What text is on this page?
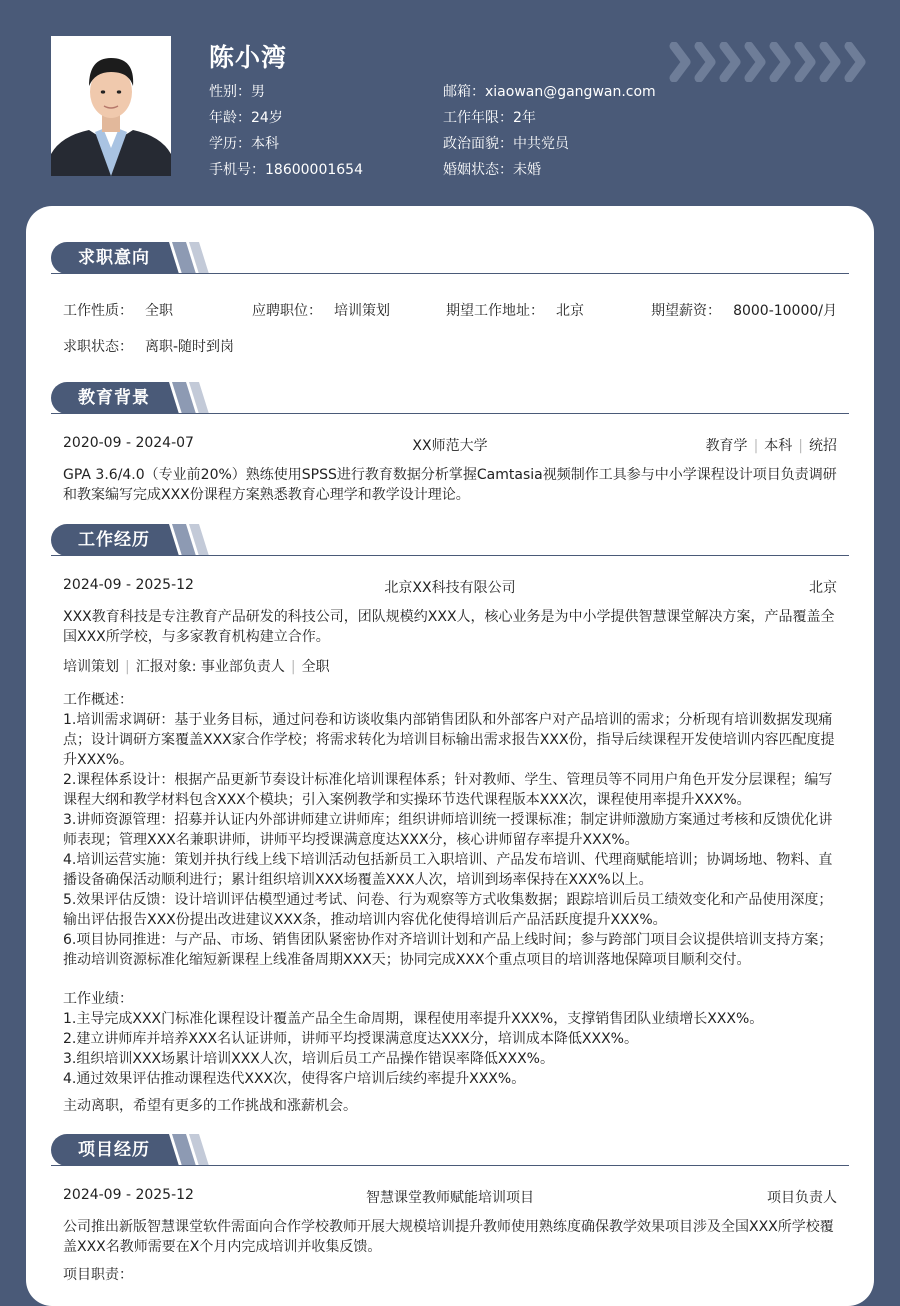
陈小湾
性别：男
年龄：24岁
学历：本科
手机号：18600001654
邮箱：xiaowan@gangwan.com
工作年限：2年
政治面貌：中共党员
婚姻状态：未婚
求职意向
工作性质： 全职	应聘职位： 培训策划	期望工作地址： 北京	期望薪资： 8000-10000/月
求职状态： 离职-随时到岗
教育背景
2020-09 - 2024-07	XX师范大学	教育学 | 本科 | 统招
GPA 3.6/4.0（专业前20%）熟练使用SPSS进行教育数据分析掌握Camtasia视频制作工具参与中小学课程设计项目负责调研和教案编写完成XXX份课程方案熟悉教育心理学和教学设计理论。
工作经历
2024-09 - 2025-12	北京XX科技有限公司	北京
XXX教育科技是专注教育产品研发的科技公司，团队规模约XXX人，核心业务是为中小学提供智慧课堂解决方案，产品覆盖全国XXX所学校，与多家教育机构建立合作。
培训策划 | 汇报对象: 事业部负责人 | 全职
工作概述：
1.培训需求调研：基于业务目标，通过问卷和访谈收集内部销售团队和外部客户对产品培训的需求；分析现有培训数据发现痛点；设计调研方案覆盖XXX家合作学校；将需求转化为培训目标输出需求报告XXX份，指导后续课程开发使培训内容匹配度提升XXX%。
2.课程体系设计：根据产品更新节奏设计标准化培训课程体系；针对教师、学生、管理员等不同用户角色开发分层课程；编写课程大纲和教学材料包含XXX个模块；引入案例教学和实操环节迭代课程版本XXX次，课程使用率提升XXX%。
3.讲师资源管理：招募并认证内外部讲师建立讲师库；组织讲师培训统一授课标准；制定讲师激励方案通过考核和反馈优化讲师表现；管理XXX名兼职讲师，讲师平均授课满意度达XXX分，核心讲师留存率提升XXX%。
4.培训运营实施：策划并执行线上线下培训活动包括新员工入职培训、产品发布培训、代理商赋能培训；协调场地、物料、直播设备确保活动顺利进行；累计组织培训XXX场覆盖XXX人次，培训到场率保持在XXX%以上。
5.效果评估反馈：设计培训评估模型通过考试、问卷、行为观察等方式收集数据；跟踪培训后员工绩效变化和产品使用深度；输出评估报告XXX份提出改进建议XXX条，推动培训内容优化使得培训后产品活跃度提升XXX%。
6.项目协同推进：与产品、市场、销售团队紧密协作对齐培训计划和产品上线时间；参与跨部门项目会议提供培训支持方案；推动培训资源标准化缩短新课程上线准备周期XXX天；协同完成XXX个重点项目的培训落地保障项目顺利交付。
工作业绩：
1.主导完成XXX门标准化课程设计覆盖产品全生命周期，课程使用率提升XXX%，支撑销售团队业绩增长XXX%。
2.建立讲师库并培养XXX名认证讲师，讲师平均授课满意度达XXX分，培训成本降低XXX%。
3.组织培训XXX场累计培训XXX人次，培训后员工产品操作错误率降低XXX%。
4.通过效果评估推动课程迭代XXX次，使得客户培训后续约率提升XXX%。
主动离职，希望有更多的工作挑战和涨薪机会。
项目经历
2024-09 - 2025-12	智慧课堂教师赋能培训项目	项目负责人
公司推出新版智慧课堂软件需面向合作学校教师开展大规模培训提升教师使用熟练度确保教学效果项目涉及全国XXX所学校覆盖XXX名教师需要在X个月内完成培训并收集反馈。
项目职责：
